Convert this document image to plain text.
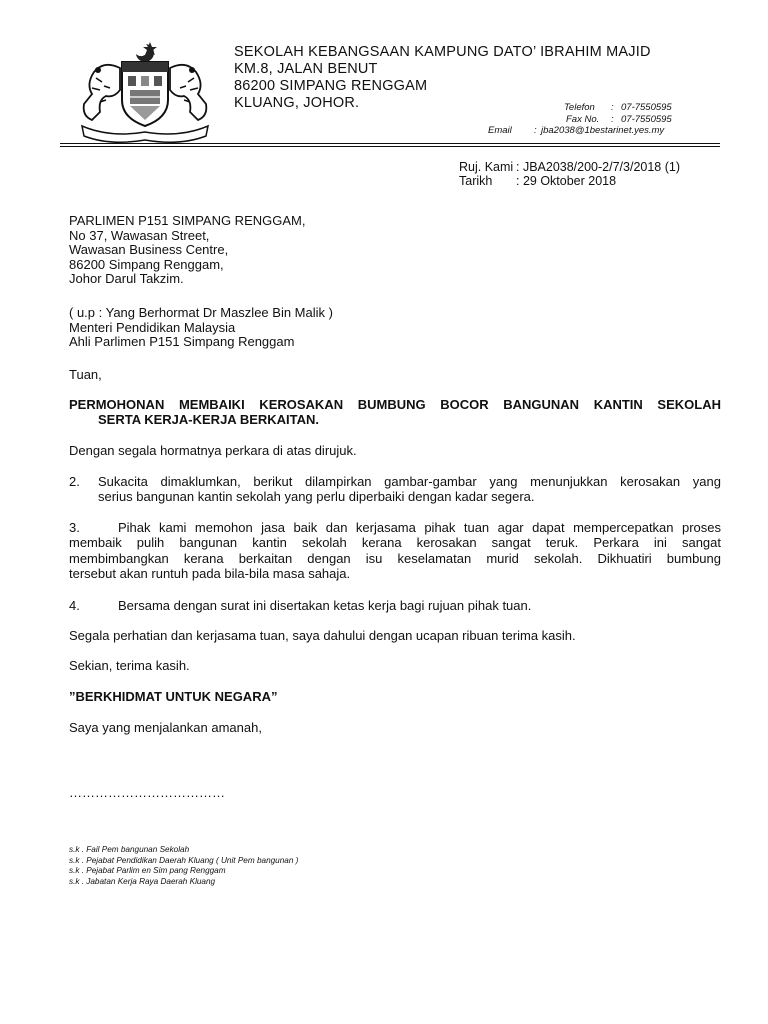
SEKOLAH KEBANGSAAN KAMPUNG DATO’ IBRAHIM MAJID
KM.8, JALAN BENUT
86200 SIMPANG RENGGAM
KLUANG, JOHOR.	Telefon : 07-7550595
Fax No. : 07-7550595
Email : jba2038@1bestarinet.yes.my
Ruj. Kami : JBA2038/200-2/7/3/2018 (1)
Tarikh : 29 Oktober 2018
PARLIMEN P151 SIMPANG RENGGAM,
No 37, Wawasan Street,
Wawasan Business Centre,
86200 Simpang Renggam,
Johor Darul Takzim.
( u.p : Yang Berhormat Dr Maszlee Bin Malik )
Menteri Pendidikan Malaysia
Ahli Parlimen P151 Simpang Renggam
Tuan,
PERMOHONAN MEMBAIKI KEROSAKAN BUMBUNG BOCOR BANGUNAN KANTIN SEKOLAH
SERTA KERJA-KERJA BERKAITAN.
Dengan segala hormatnya perkara di atas dirujuk.
2. Sukacita dimaklumkan, berikut dilampirkan gambar-gambar yang menunjukkan kerosakan yang
serius bangunan kantin sekolah yang perlu diperbaiki dengan kadar segera.
3.	Pihak kami memohon jasa baik dan kerjasama pihak tuan agar dapat mempercepatkan proses
membaik pulih bangunan kantin sekolah kerana kerosakan sangat teruk. Perkara ini sangat
membimbangkan kerana berkaitan dengan isu keselamatan murid sekolah. Dikhuatiri bumbung
tersebut akan runtuh pada bila-bila masa sahaja.
4.	Bersama dengan surat ini disertakan ketas kerja bagi rujuan pihak tuan.
Segala perhatian dan kerjasama tuan, saya dahului dengan ucapan ribuan terima kasih.
Sekian, terima kasih.
”BERKHIDMAT UNTUK NEGARA”
Saya yang menjalankan amanah,
………………………………
s.k . Fail Pem bangunan Sekolah
s.k . Pejabat Pendidikan Daerah Kluang ( Unit Pem bangunan )
s.k . Pejabat Parlim en Sim pang Renggam
s.k . Jabatan Kerja Raya Daerah Kluang
